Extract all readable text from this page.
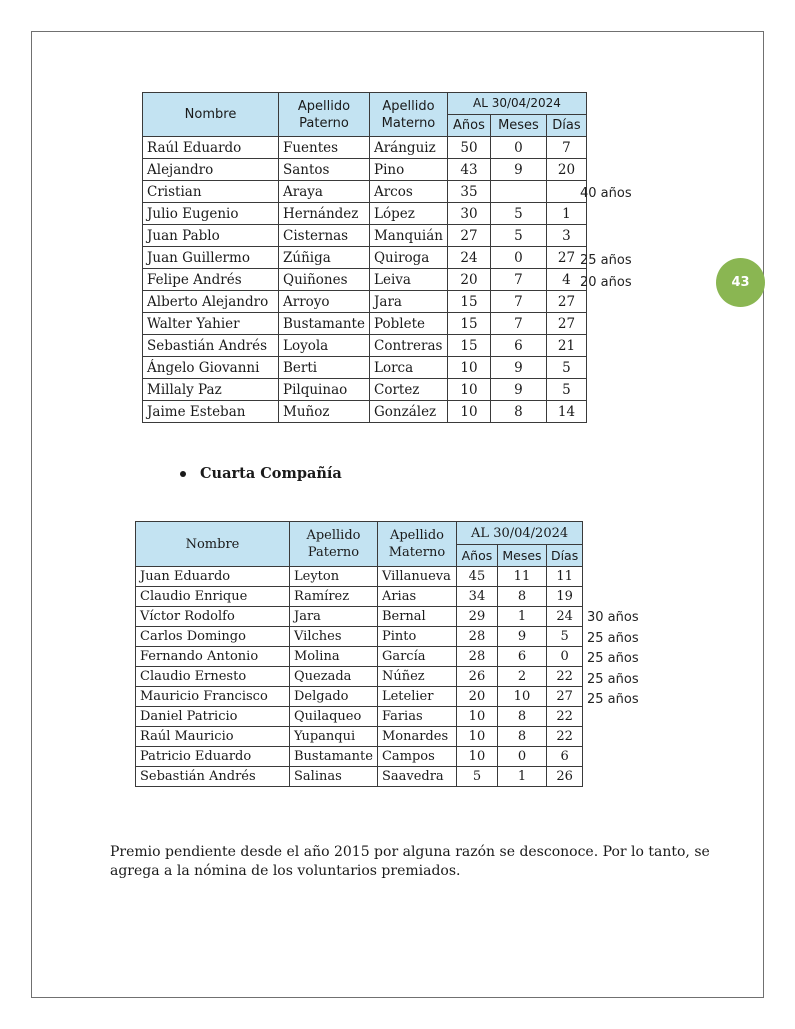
43
Nombre	Apellido Paterno	Apellido Materno	AL 30/04/2024		
			Años	Meses	Días
Raúl Eduardo	Fuentes	Aránguiz	50	0	7
Alejandro	Santos	Pino	43	9	20
Cristian	Araya	Arcos	35		
Julio Eugenio	Hernández	López	30	5	1
Juan Pablo	Cisternas	Manquián	27	5	3
Juan Guillermo	Zúñiga	Quiroga	24	0	27
Felipe Andrés	Quiñones	Leiva	20	7	4
Alberto Alejandro	Arroyo	Jara	15	7	27
Walter Yahier	Bustamante	Poblete	15	7	27
Sebastián Andrés	Loyola	Contreras	15	6	21
Ángelo Giovanni	Berti	Lorca	10	9	5
Millaly Paz	Pilquinao	Cortez	10	9	5
Jaime Esteban	Muñoz	González	10	8	14
Cuarta Compañía
Nombre	Apellido Paterno	Apellido Materno	AL 30/04/2024		
			Años	Meses	Días
Juan Eduardo	Leyton	Villanueva	45	11	11
Claudio Enrique	Ramírez	Arias	34	8	19
Víctor Rodolfo	Jara	Bernal	29	1	24
Carlos Domingo	Vilches	Pinto	28	9	5
Fernando Antonio	Molina	García	28	6	0
Claudio Ernesto	Quezada	Núñez	26	2	22
Mauricio Francisco	Delgado	Letelier	20	10	27
Daniel Patricio	Quilaqueo	Farias	10	8	22
Raúl Mauricio	Yupanqui	Monardes	10	8	22
Patricio Eduardo	Bustamante	Campos	10	0	6
Sebastián Andrés	Salinas	Saavedra	5	1	26
40 años
25 años
20 años
30 años
25 años
25 años
25 años
25 años
Premio pendiente desde el año 2015 por alguna razón se desconoce. Por lo tanto, se agrega a la nómina de los voluntarios premiados.
